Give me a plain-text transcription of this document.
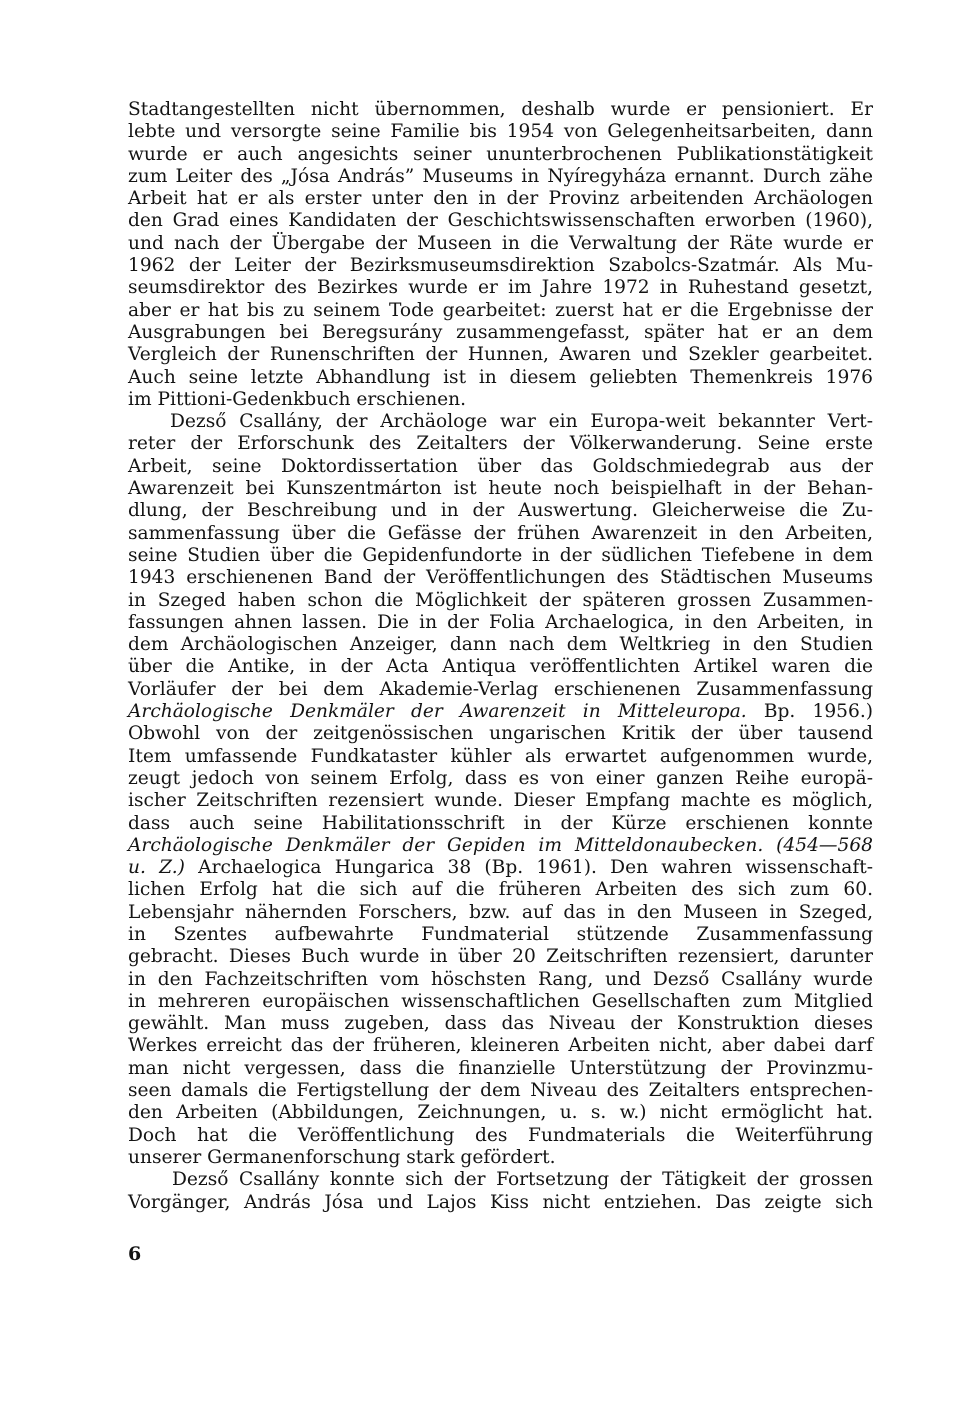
Stadtangestellten nicht übernommen, deshalb wurde er pensioniert. Er
lebte und versorgte seine Familie bis 1954 von Gelegenheitsarbeiten, dann
wurde er auch angesichts seiner ununterbrochenen Publikationstätigkeit
zum Leiter des „Jósa András” Museums in Nyíregyháza ernannt. Durch zähe
Arbeit hat er als erster unter den in der Provinz arbeitenden Archäologen
den Grad eines Kandidaten der Geschichtswissenschaften erworben (1960),
und nach der Übergabe der Museen in die Verwaltung der Räte wurde er
1962 der Leiter der Bezirksmuseumsdirektion Szabolcs-Szatmár. Als Mu-
seumsdirektor des Bezirkes wurde er im Jahre 1972 in Ruhestand gesetzt,
aber er hat bis zu seinem Tode gearbeitet: zuerst hat er die Ergebnisse der
Ausgrabungen bei Beregsurány zusammengefasst, später hat er an dem
Vergleich der Runenschriften der Hunnen, Awaren und Szekler gearbeitet.
Auch seine letzte Abhandlung ist in diesem geliebten Themenkreis 1976
im Pittioni-Gedenkbuch erschienen.
Dezső Csallány, der Archäologe war ein Europa-weit bekannter Vert-
reter der Erforschunk des Zeitalters der Völkerwanderung. Seine erste
Arbeit, seine Doktordissertation über das Goldschmiedegrab aus der
Awarenzeit bei Kunszentmárton ist heute noch beispielhaft in der Behan-
dlung, der Beschreibung und in der Auswertung. Gleicherweise die Zu-
sammenfassung über die Gefässe der frühen Awarenzeit in den Arbeiten,
seine Studien über die Gepidenfundorte in der südlichen Tiefebene in dem
1943 erschienenen Band der Veröffentlichungen des Städtischen Museums
in Szeged haben schon die Möglichkeit der späteren grossen Zusammen-
fassungen ahnen lassen. Die in der Folia Archaelogica, in den Arbeiten, in
dem Archäologischen Anzeiger, dann nach dem Weltkrieg in den Studien
über die Antike, in der Acta Antiqua veröffentlichten Artikel waren die
Vorläufer der bei dem Akademie-Verlag erschienenen Zusammenfassung
Archäologische Denkmäler der Awarenzeit in Mitteleuropa. Bp. 1956.)
Obwohl von der zeitgenössischen ungarischen Kritik der über tausend
Item umfassende Fundkataster kühler als erwartet aufgenommen wurde,
zeugt jedoch von seinem Erfolg, dass es von einer ganzen Reihe europä-
ischer Zeitschriften rezensiert wunde. Dieser Empfang machte es möglich,
dass auch seine Habilitationsschrift in der Kürze erschienen konnte
Archäologische Denkmäler der Gepiden im Mitteldonaubecken. (454—568
u. Z.) Archaelogica Hungarica 38 (Bp. 1961). Den wahren wissenschaft-
lichen Erfolg hat die sich auf die früheren Arbeiten des sich zum 60.
Lebensjahr nähernden Forschers, bzw. auf das in den Museen in Szeged,
in Szentes aufbewahrte Fundmaterial stützende Zusammenfassung
gebracht. Dieses Buch wurde in über 20 Zeitschriften rezensiert, darunter
in den Fachzeitschriften vom höschsten Rang, und Dezső Csallány wurde
in mehreren europäischen wissenschaftlichen Gesellschaften zum Mitglied
gewählt. Man muss zugeben, dass das Niveau der Konstruktion dieses
Werkes erreicht das der früheren, kleineren Arbeiten nicht, aber dabei darf
man nicht vergessen, dass die finanzielle Unterstützung der Provinzmu-
seen damals die Fertigstellung der dem Niveau des Zeitalters entsprechen-
den Arbeiten (Abbildungen, Zeichnungen, u. s. w.) nicht ermöglicht hat.
Doch hat die Veröffentlichung des Fundmaterials die Weiterführung
unserer Germanenforschung stark gefördert.
Dezső Csallány konnte sich der Fortsetzung der Tätigkeit der grossen
Vorgänger, András Jósa und Lajos Kiss nicht entziehen. Das zeigte sich
6
